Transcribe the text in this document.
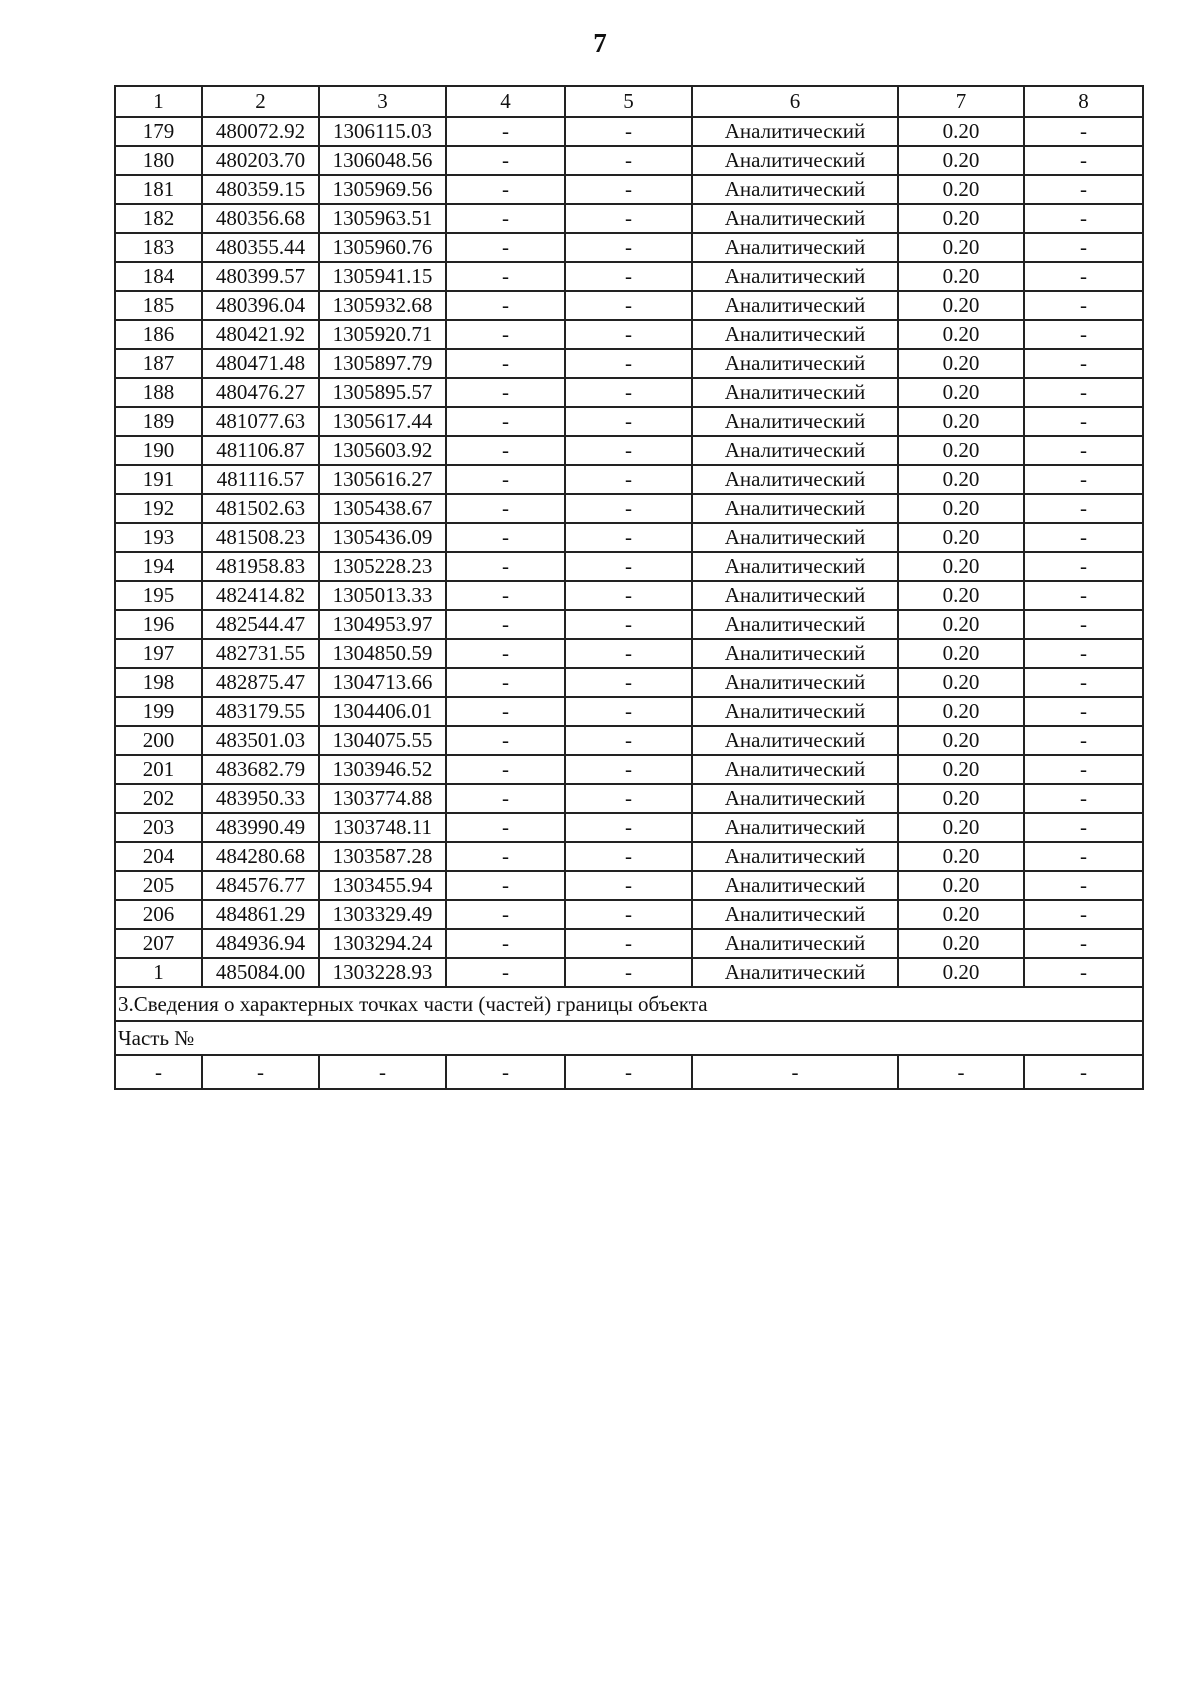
7
1	2	3	4	5	6	7	8
179	480072.92	1306115.03	-	-	Аналитический	0.20	-
180	480203.70	1306048.56	-	-	Аналитический	0.20	-
181	480359.15	1305969.56	-	-	Аналитический	0.20	-
182	480356.68	1305963.51	-	-	Аналитический	0.20	-
183	480355.44	1305960.76	-	-	Аналитический	0.20	-
184	480399.57	1305941.15	-	-	Аналитический	0.20	-
185	480396.04	1305932.68	-	-	Аналитический	0.20	-
186	480421.92	1305920.71	-	-	Аналитический	0.20	-
187	480471.48	1305897.79	-	-	Аналитический	0.20	-
188	480476.27	1305895.57	-	-	Аналитический	0.20	-
189	481077.63	1305617.44	-	-	Аналитический	0.20	-
190	481106.87	1305603.92	-	-	Аналитический	0.20	-
191	481116.57	1305616.27	-	-	Аналитический	0.20	-
192	481502.63	1305438.67	-	-	Аналитический	0.20	-
193	481508.23	1305436.09	-	-	Аналитический	0.20	-
194	481958.83	1305228.23	-	-	Аналитический	0.20	-
195	482414.82	1305013.33	-	-	Аналитический	0.20	-
196	482544.47	1304953.97	-	-	Аналитический	0.20	-
197	482731.55	1304850.59	-	-	Аналитический	0.20	-
198	482875.47	1304713.66	-	-	Аналитический	0.20	-
199	483179.55	1304406.01	-	-	Аналитический	0.20	-
200	483501.03	1304075.55	-	-	Аналитический	0.20	-
201	483682.79	1303946.52	-	-	Аналитический	0.20	-
202	483950.33	1303774.88	-	-	Аналитический	0.20	-
203	483990.49	1303748.11	-	-	Аналитический	0.20	-
204	484280.68	1303587.28	-	-	Аналитический	0.20	-
205	484576.77	1303455.94	-	-	Аналитический	0.20	-
206	484861.29	1303329.49	-	-	Аналитический	0.20	-
207	484936.94	1303294.24	-	-	Аналитический	0.20	-
1	485084.00	1303228.93	-	-	Аналитический	0.20	-
3.Сведения о характерных точках части (частей) границы объекта							
Часть №							
-	-	-	-	-	-	-	-
